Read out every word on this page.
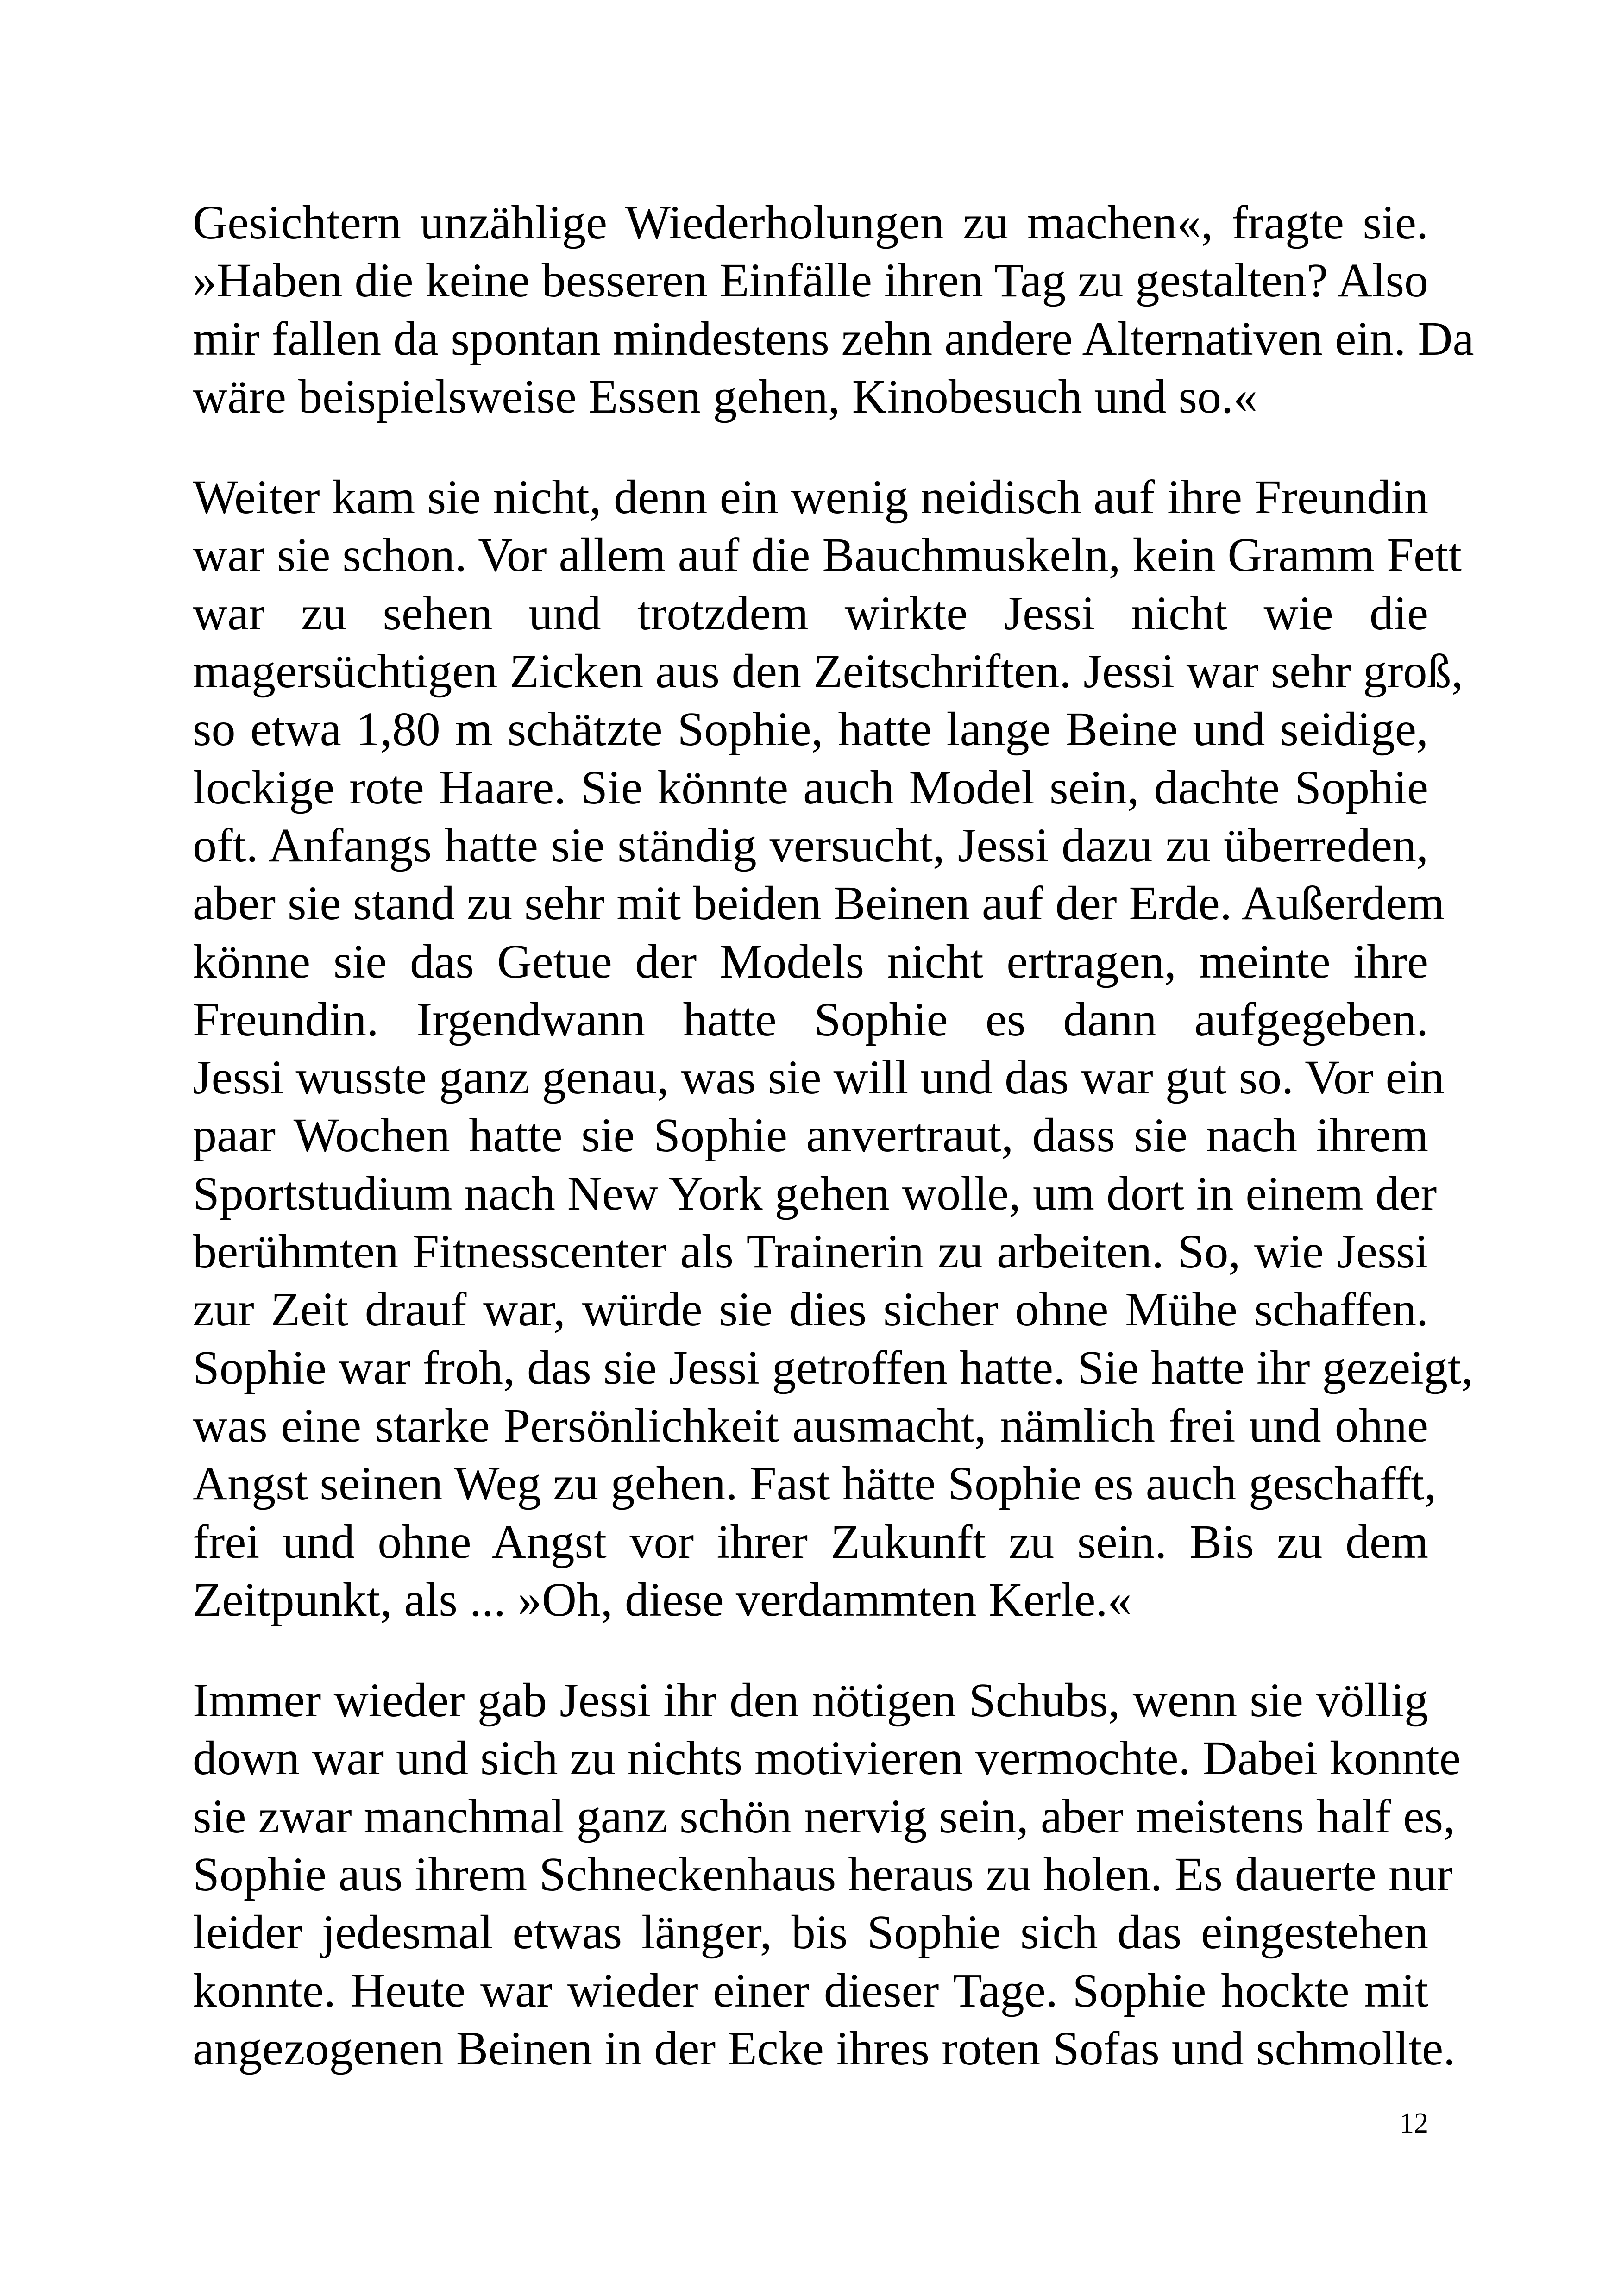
Gesichtern unzählige Wiederholungen zu machen«, fragte sie.
»Haben die keine besseren Einfälle ihren Tag zu gestalten? Also
mir fallen da spontan mindestens zehn andere Alternativen ein. Da
wäre beispielsweise Essen gehen, Kinobesuch und so.«
Weiter kam sie nicht, denn ein wenig neidisch auf ihre Freundin
war sie schon. Vor allem auf die Bauchmuskeln, kein Gramm Fett
war zu sehen und trotzdem wirkte Jessi nicht wie die
magersüchtigen Zicken aus den Zeitschriften. Jessi war sehr groß,
so etwa 1,80 m schätzte Sophie, hatte lange Beine und seidige,
lockige rote Haare. Sie könnte auch Model sein, dachte Sophie
oft. Anfangs hatte sie ständig versucht, Jessi dazu zu überreden,
aber sie stand zu sehr mit beiden Beinen auf der Erde. Außerdem
könne sie das Getue der Models nicht ertragen, meinte ihre
Freundin. Irgendwann hatte Sophie es dann aufgegeben.
Jessi wusste ganz genau, was sie will und das war gut so. Vor ein
paar Wochen hatte sie Sophie anvertraut, dass sie nach ihrem
Sportstudium nach New York gehen wolle, um dort in einem der
berühmten Fitnesscenter als Trainerin zu arbeiten. So, wie Jessi
zur Zeit drauf war, würde sie dies sicher ohne Mühe schaffen.
Sophie war froh, das sie Jessi getroffen hatte. Sie hatte ihr gezeigt,
was eine starke Persönlichkeit ausmacht, nämlich frei und ohne
Angst seinen Weg zu gehen. Fast hätte Sophie es auch geschafft,
frei und ohne Angst vor ihrer Zukunft zu sein. Bis zu dem
Zeitpunkt, als ... »Oh, diese verdammten Kerle.«
Immer wieder gab Jessi ihr den nötigen Schubs, wenn sie völlig
down war und sich zu nichts motivieren vermochte. Dabei konnte
sie zwar manchmal ganz schön nervig sein, aber meistens half es,
Sophie aus ihrem Schneckenhaus heraus zu holen. Es dauerte nur
leider jedesmal etwas länger, bis Sophie sich das eingestehen
konnte. Heute war wieder einer dieser Tage. Sophie hockte mit
angezogenen Beinen in der Ecke ihres roten Sofas und schmollte.
12
